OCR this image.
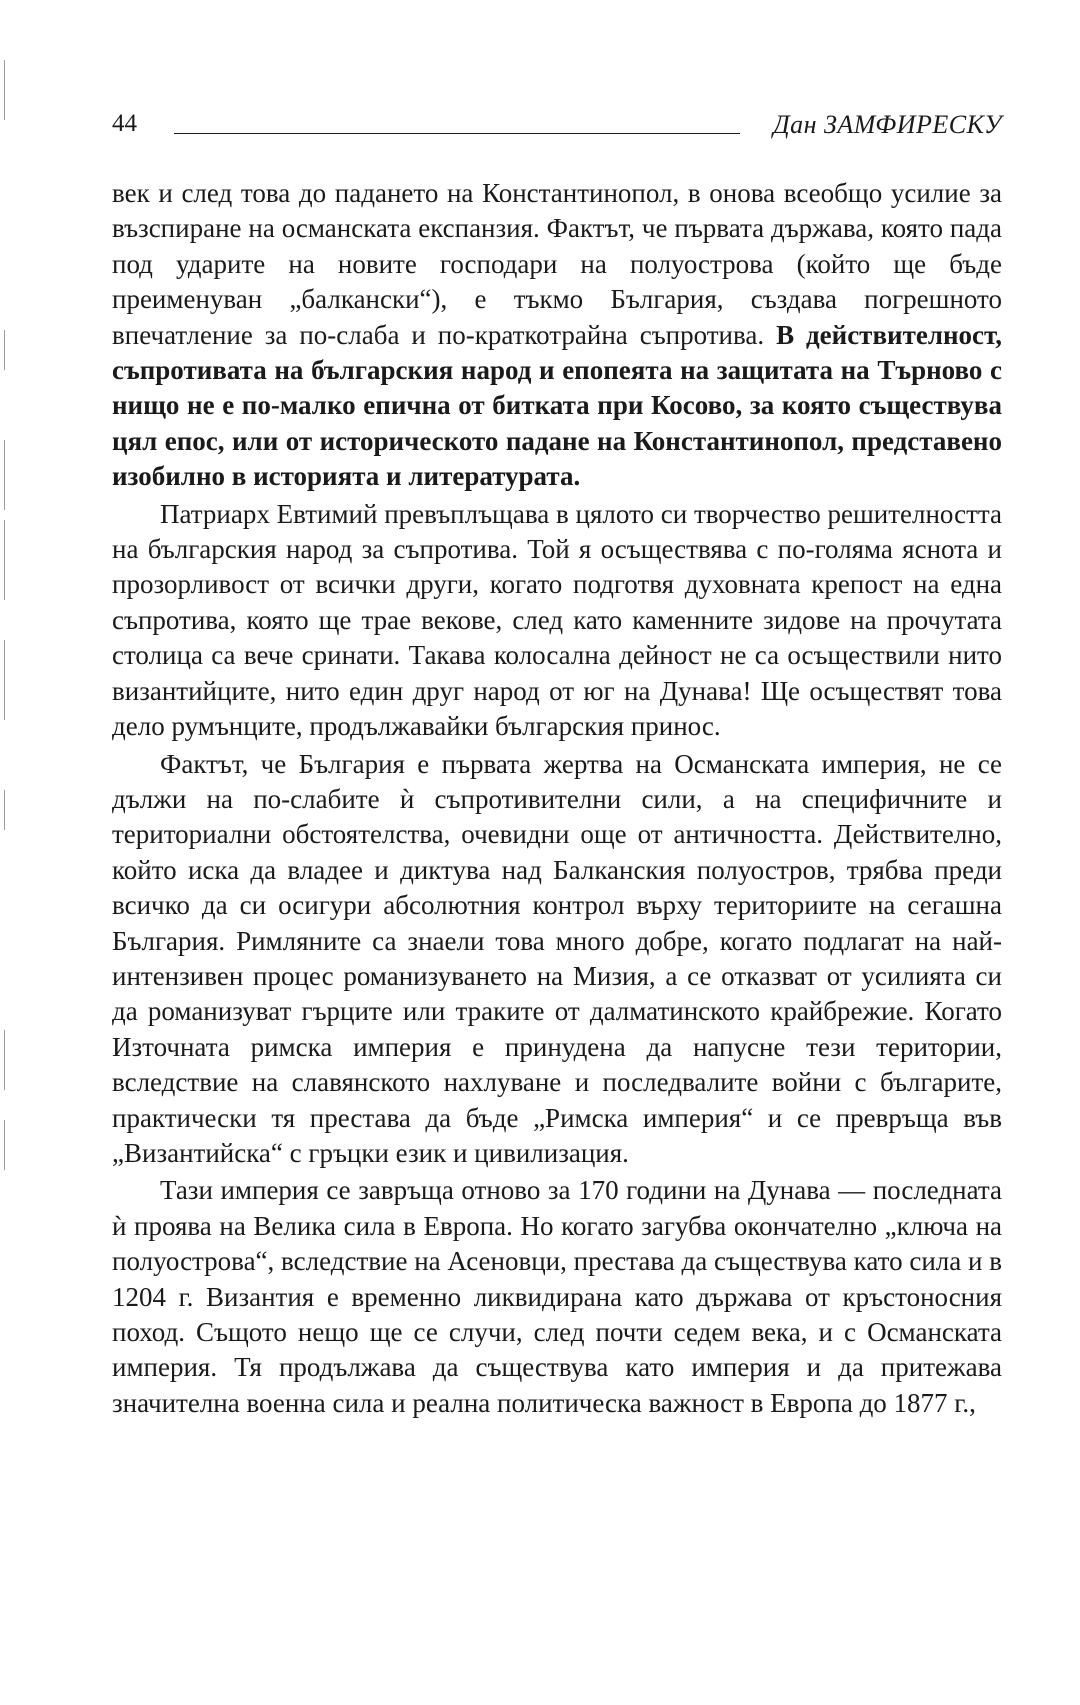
44	Дан ЗАМФИРЕСКУ

век и след това до падането на Константинопол, в онова всеобщо усилие за възспиране на османската експанзия. Фактът, че първата държава, която пада под ударите на новите господари на полуострова (който ще бъде преименуван „балкански“), е тъкмо България, създава погрешното впечатление за по-слаба и по-краткотрайна съпротива. В действителност, съпротивата на българския народ и епопеята на защитата на Търново с нищо не е по-малко епична от битката при Косово, за която съществува цял епос, или от историческото падане на Константинопол, представено изобилно в историята и литературата.

Патриарх Евтимий превъплъщава в цялото си творчество решителността на българския народ за съпротива. Той я осъществява с по-голяма яснота и прозорливост от всички други, когато подготвя духовната крепост на една съпротива, която ще трае векове, след като каменните зидове на прочутата столица са вече сринати. Такава колосална дейност не са осъществили нито византийците, нито един друг народ от юг на Дунава! Ще осъществят това дело румънците, продължавайки българския принос.

Фактът, че България е първата жертва на Османската империя, не се дължи на по-слабите ѝ съпротивителни сили, а на специфичните и териториални обстоятелства, очевидни още от античността. Действително, който иска да владее и диктува над Балканския полуостров, трябва преди всичко да си осигури абсолютния контрол върху териториите на сегашна България. Римляните са знаели това много добре, когато подлагат на най-интензивен процес романизуването на Мизия, а се отказват от усилията си да романизуват гърците или траките от далматинското крайбрежие. Когато Източната римска империя е принудена да напусне тези територии, вследствие на славянското нахлуване и последвалите войни с българите, практически тя престава да бъде „Римска империя“ и се превръща във „Византийска“ с гръцки език и цивилизация.

Тази империя се завръща отново за 170 години на Дунава — последната ѝ проява на Велика сила в Европа. Но когато загубва окончателно „ключа на полуострова“, вследствие на Асеновци, престава да съществува като сила и в 1204 г. Византия е временно ликвидирана като държава от кръстоносния поход. Същото нещо ще се случи, след почти седем века, и с Османската империя. Тя продължава да съществува като империя и да притежава значителна военна сила и реална политическа важност в Европа до 1877 г.,
